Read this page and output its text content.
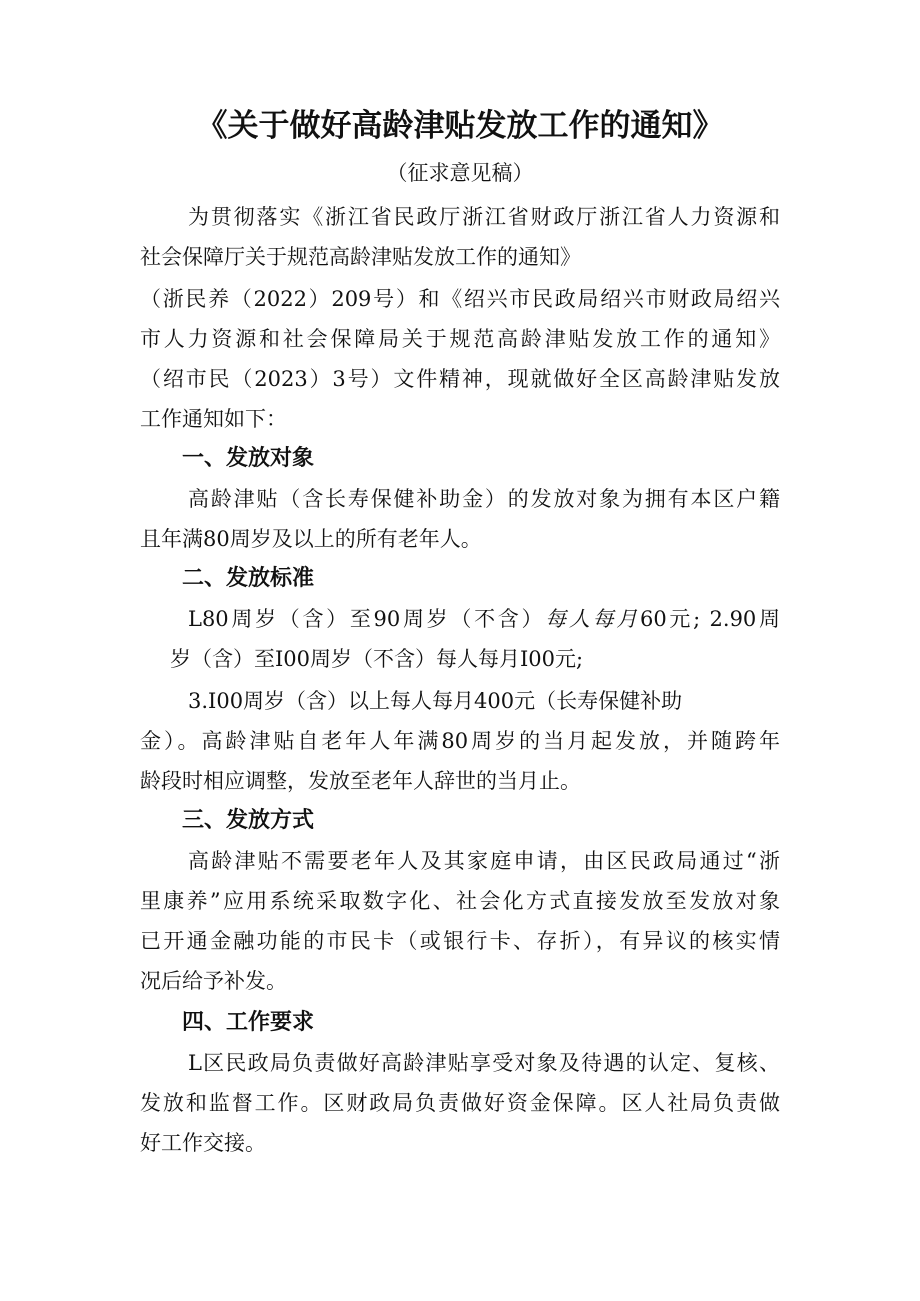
《关于做好高龄津贴发放工作的通知》
（征求意见稿）
为贯彻落实《浙江省民政厅浙江省财政厅浙江省人力资源和
社会保障厅关于规范高龄津贴发放工作的通知》
（浙民养（2022）209号）和《绍兴市民政局绍兴市财政局绍兴
市人力资源和社会保障局关于规范高龄津贴发放工作的通知》
（绍市民（2023）3号）文件精神，现就做好全区高龄津贴发放
工作通知如下：
一、发放对象
高龄津贴（含长寿保健补助金）的发放对象为拥有本区户籍
且年满80周岁及以上的所有老年人。
二、发放标准
L80周岁（含）至90周岁（不含）每人每月60元; 2.90周
岁（含）至I00周岁（不含）每人每月I00元;
3.I00周岁（含）以上每人每月400元（长寿保健补助
金）。高龄津贴自老年人年满80周岁的当月起发放，并随跨年
龄段时相应调整，发放至老年人辞世的当月止。
三、发放方式
高龄津贴不需要老年人及其家庭申请，由区民政局通过“浙
里康养”应用系统采取数字化、社会化方式直接发放至发放对象
已开通金融功能的市民卡（或银行卡、存折），有异议的核实情
况后给予补发。
四、工作要求
L区民政局负责做好高龄津贴享受对象及待遇的认定、复核、
发放和监督工作。区财政局负责做好资金保障。区人社局负责做
好工作交接。
